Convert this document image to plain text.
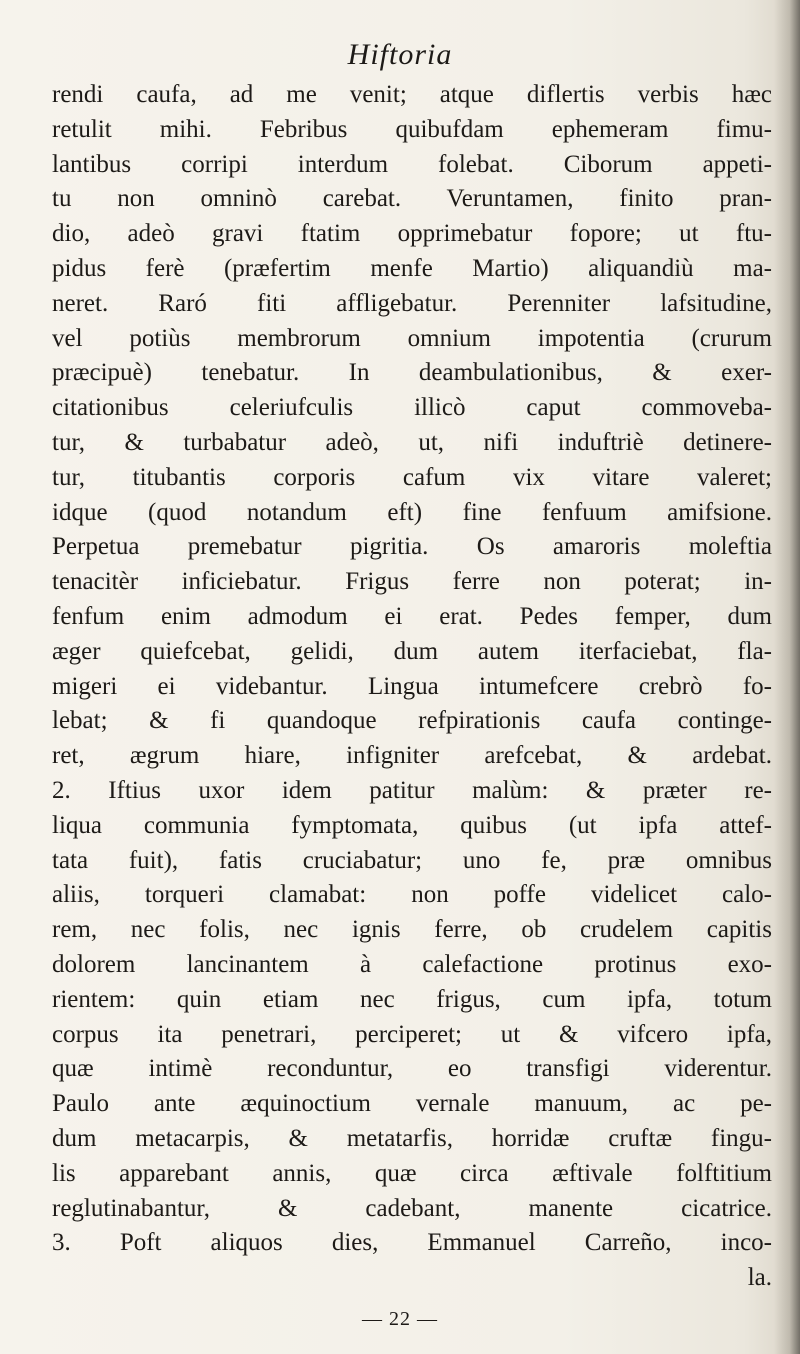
Hiftoria
rendi caufa, ad me venit; atque diflertis verbis hæc
retulit mihi. Febribus quibufdam ephemeram fimu-
lantibus corripi interdum folebat. Ciborum appeti-
tu non omninò carebat. Veruntamen, finito pran-
dio, adeò gravi ftatim opprimebatur fopore; ut ftu-
pidus ferè (præfertim menfe Martio) aliquandiù ma-
neret. Raró fiti affligebatur. Perenniter lafsitudine,
vel potiùs membrorum omnium impotentia (crurum
præcipuè) tenebatur. In deambulationibus, & exer-
citationibus celeriufculis illicò caput commoveba-
tur, & turbabatur adeò, ut, nifi induftriè detinere-
tur, titubantis corporis cafum vix vitare valeret;
idque (quod notandum eft) fine fenfuum amifsione.
Perpetua premebatur pigritia. Os amaroris moleftia
tenacitèr inficiebatur. Frigus ferre non poterat; in-
fenfum enim admodum ei erat. Pedes femper, dum
æger quiefcebat, gelidi, dum autem iterfaciebat, fla-
migeri ei videbantur. Lingua intumefcere crebrò fo-
lebat; & fi quandoque refpirationis caufa continge-
ret, ægrum hiare, infigniter arefcebat, & ardebat.
2. Iftius uxor idem patitur malùm: & præter re-
liqua communia fymptomata, quibus (ut ipfa attef-
tata fuit), fatis cruciabatur; uno fe, præ omnibus
aliis, torqueri clamabat: non poffe videlicet calo-
rem, nec folis, nec ignis ferre, ob crudelem capitis
dolorem lancinantem à calefactione protinus exo-
rientem: quin etiam nec frigus, cum ipfa, totum
corpus ita penetrari, perciperet; ut & vifcero ipfa,
quæ intimè reconduntur, eo transfigi viderentur.
Paulo ante æquinoctium vernale manuum, ac pe-
dum metacarpis, & metatarfis, horridæ cruftæ fingu-
lis apparebant annis, quæ circa æftivale folftitium
reglutinabantur, & cadebant, manente cicatrice.
3. Poft aliquos dies, Emmanuel Carreño, inco-
la.
— 22 —
